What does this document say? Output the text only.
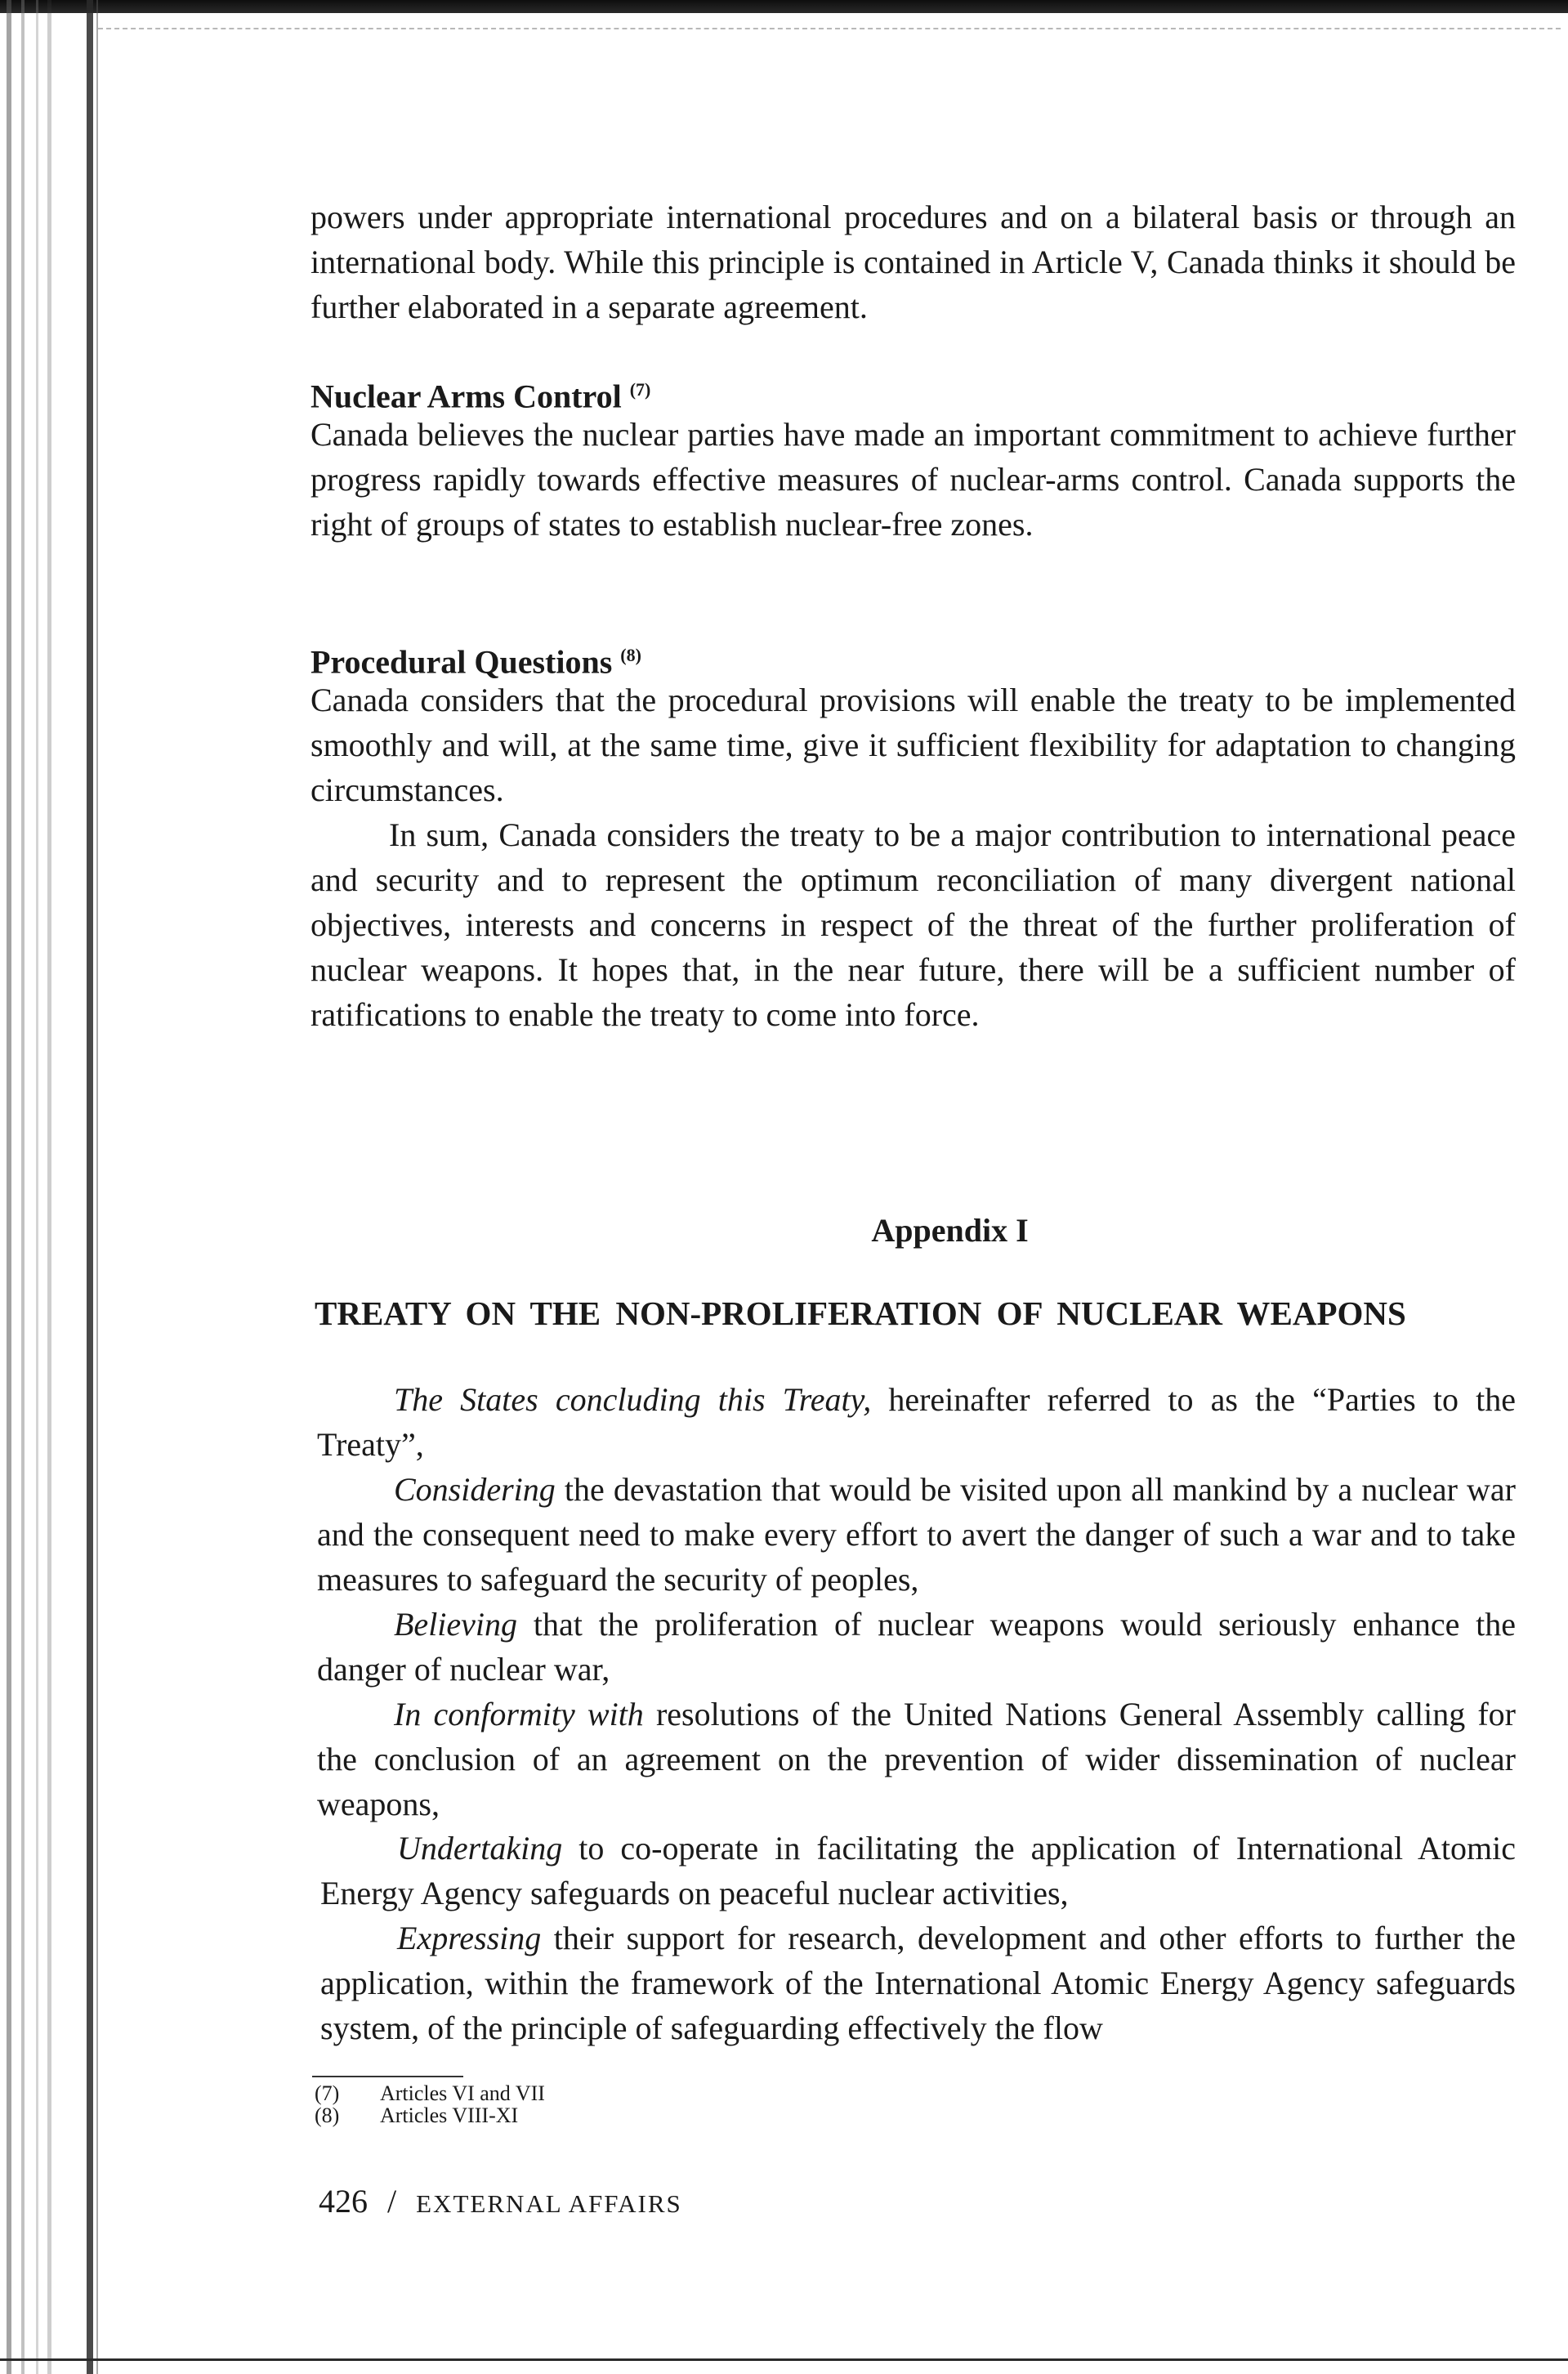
powers under appropriate international procedures and on a bilateral basis or through an international body. While this principle is contained in Article V, Canada thinks it should be further elaborated in a separate agreement.

Nuclear Arms Control $^{(7)}$

Canada believes the nuclear parties have made an important commitment to achieve further progress rapidly towards effective measures of nuclear-arms control. Canada supports the right of groups of states to establish nuclear-free zones.

Procedural Questions $^{(8)}$

Canada considers that the procedural provisions will enable the treaty to be implemented smoothly and will, at the same time, give it sufficient flexibility for adaptation to changing circumstances.

In sum, Canada considers the treaty to be a major contribution to international peace and security and to represent the optimum reconciliation of many divergent national objectives, interests and concerns in respect of the threat of the further proliferation of nuclear weapons. It hopes that, in the near future, there will be a sufficient number of ratifications to enable the treaty to come into force.

Appendix I
TREATY ON THE NON-PROLIFERATION OF NUCLEAR WEAPONS

The States concluding this Treaty, hereinafter referred to as the “Parties to the Treaty”,

Considering the devastation that would be visited upon all mankind by a nuclear war and the consequent need to make every effort to avert the danger of such a war and to take measures to safeguard the security of peoples,

Believing that the proliferation of nuclear weapons would seriously enhance the danger of nuclear war,

In conformity with resolutions of the United Nations General Assembly calling for the conclusion of an agreement on the prevention of wider dissemination of nuclear weapons,

Undertaking to co-operate in facilitating the application of International Atomic Energy Agency safeguards on peaceful nuclear activities,

Expressing their support for research, development and other efforts to further the application, within the framework of the International Atomic Energy Agency safeguards system, of the principle of safeguarding effectively the flow

(7)	Articles VI and VII
(8)	Articles VIII-XI
426 / EXTERNAL AFFAIRS
